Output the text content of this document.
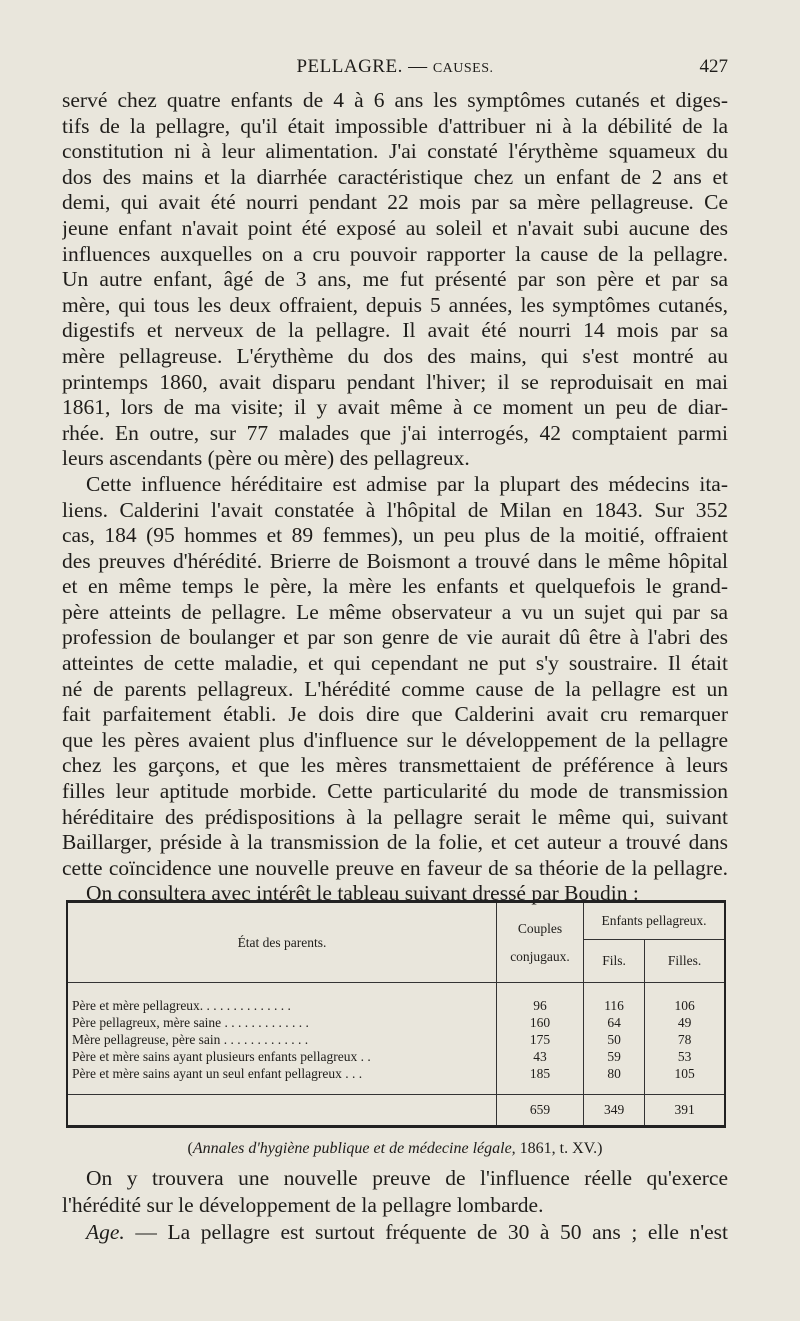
PELLAGRE. — CAUSES.	427

servé chez quatre enfants de 4 à 6 ans les symptômes cutanés et diges-
tifs de la pellagre, qu'il était impossible d'attribuer ni à la débilité de la
constitution ni à leur alimentation. J'ai constaté l'érythème squameux du
dos des mains et la diarrhée caractéristique chez un enfant de 2 ans et
demi, qui avait été nourri pendant 22 mois par sa mère pellagreuse. Ce
jeune enfant n'avait point été exposé au soleil et n'avait subi aucune des
influences auxquelles on a cru pouvoir rapporter la cause de la pellagre.
Un autre enfant, âgé de 3 ans, me fut présenté par son père et par sa
mère, qui tous les deux offraient, depuis 5 années, les symptômes cutanés,
digestifs et nerveux de la pellagre. Il avait été nourri 14 mois par sa
mère pellagreuse. L'érythème du dos des mains, qui s'est montré au
printemps 1860, avait disparu pendant l'hiver; il se reproduisait en mai
1861, lors de ma visite; il y avait même à ce moment un peu de diar-
rhée. En outre, sur 77 malades que j'ai interrogés, 42 comptaient parmi
leurs ascendants (père ou mère) des pellagreux.

Cette influence héréditaire est admise par la plupart des médecins ita-
liens. Calderini l'avait constatée à l'hôpital de Milan en 1843. Sur 352
cas, 184 (95 hommes et 89 femmes), un peu plus de la moitié, offraient
des preuves d'hérédité. Brierre de Boismont a trouvé dans le même hôpital
et en même temps le père, la mère les enfants et quelquefois le grand-
père atteints de pellagre. Le même observateur a vu un sujet qui par sa
profession de boulanger et par son genre de vie aurait dû être à l'abri des
atteintes de cette maladie, et qui cependant ne put s'y soustraire. Il était
né de parents pellagreux. L'hérédité comme cause de la pellagre est un
fait parfaitement établi. Je dois dire que Calderini avait cru remarquer
que les pères avaient plus d'influence sur le développement de la pellagre
chez les garçons, et que les mères transmettaient de préférence à leurs
filles leur aptitude morbide. Cette particularité du mode de transmission
héréditaire des prédispositions à la pellagre serait le même qui, suivant
Baillarger, préside à la transmission de la folie, et cet auteur a trouvé dans
cette coïncidence une nouvelle preuve en faveur de sa théorie de la pellagre.

On consultera avec intérêt le tableau suivant dressé par Boudin :

État des parents.	Couples
conjugaux.	Enfants pellagreux.	
		Fils.	Filles.
Père et mère pellagreux. . . . . . . . . . . . . .	96	116	106
Père pellagreux, mère saine . . . . . . . . . . . . .	160	64	49
Mère pellagreuse, père sain . . . . . . . . . . . . .	175	50	78
Père et mère sains ayant plusieurs enfants pellagreux . .	43	59	53
Père et mère sains ayant un seul enfant pellagreux . . .	185	80	105
	659	349	391
(Annales d'hygiène publique et de médecine légale, 1861, t. XV.)
On y trouvera une nouvelle preuve de l'influence réelle qu'exerce
l'hérédité sur le développement de la pellagre lombarde.
Age. — La pellagre est surtout fréquente de 30 à 50 ans ; elle n'est
